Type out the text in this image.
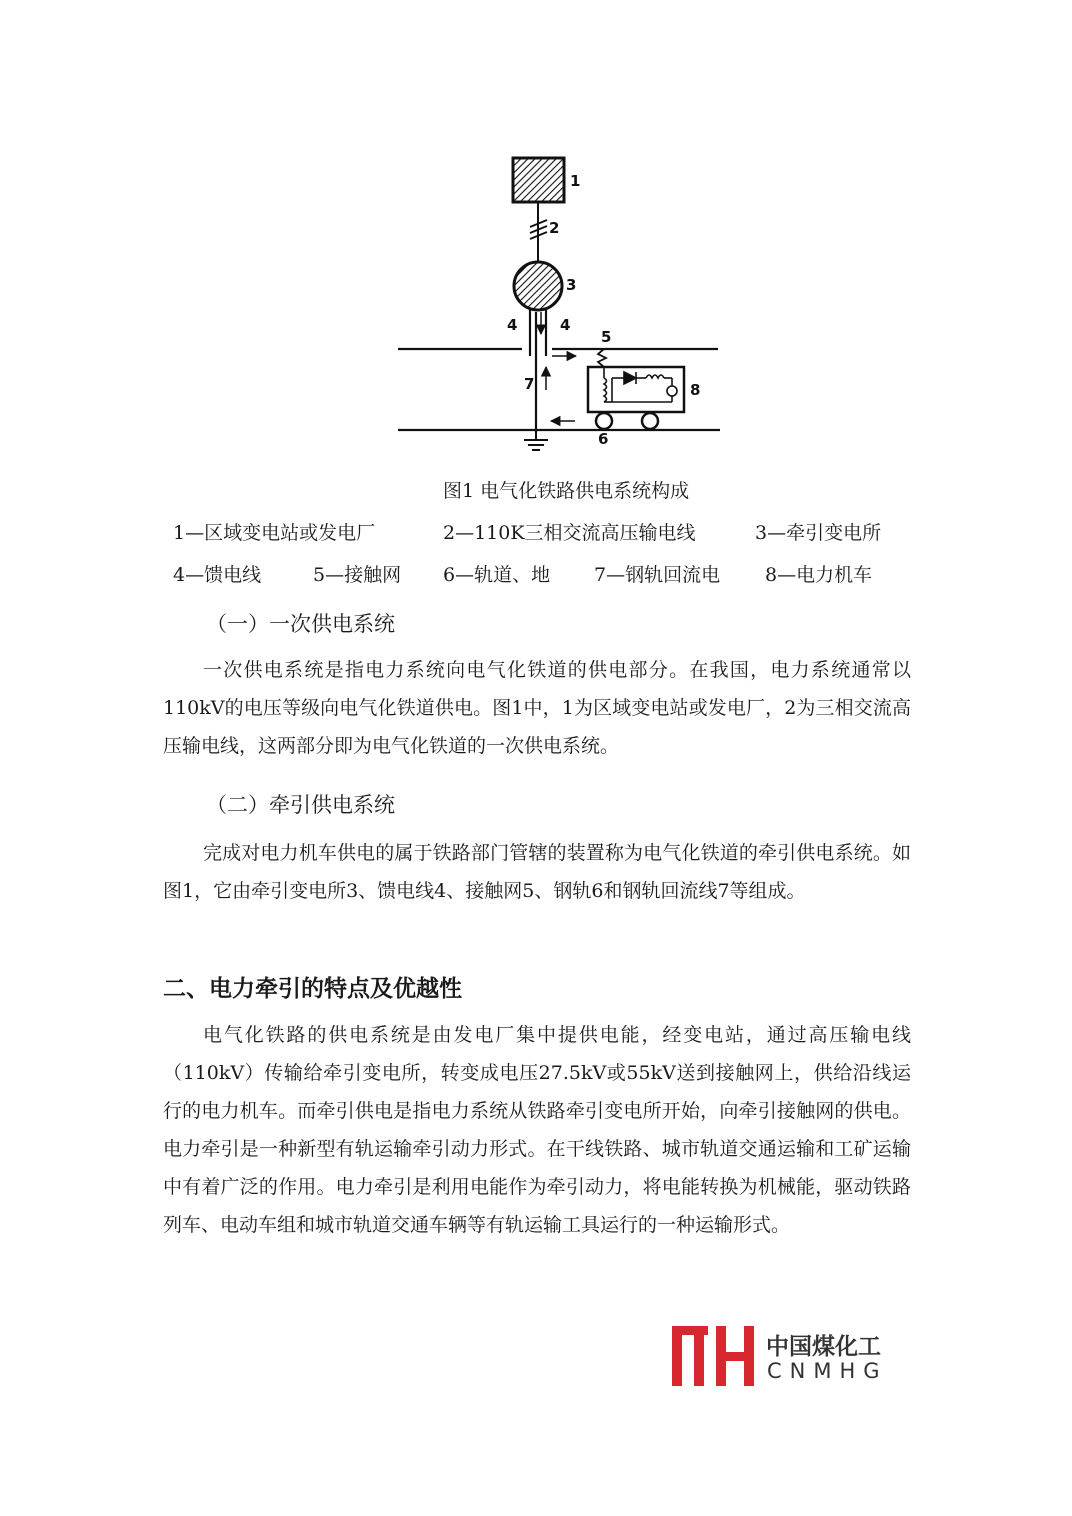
1
2
3
4	4
5
7	8
6
图1 电气化铁路供电系统构成
1—区域变电站或发电厂	2—110K三相交流高压输电线	3—牵引变电所
4—馈电线	5—接触网 6—轨道、地 7—钢轨回流电 8—电力机车
（一）一次供电系统
一次供电系统是指电力系统向电气化铁道的供电部分。在我国，电力系统通常以110kV的电压等级向电气化铁道供电。图1中，1为区域变电站或发电厂，2为三相交流高压输电线，这两部分即为电气化铁道的一次供电系统。
（二）牵引供电系统
完成对电力机车供电的属于铁路部门管辖的装置称为电气化铁道的牵引供电系统。如图1，它由牵引变电所3、馈电线4、接触网5、钢轨6和钢轨回流线7等组成。
二、电力牵引的特点及优越性
电气化铁路的供电系统是由发电厂集中提供电能，经变电站，通过高压输电线（110kV）传输给牵引变电所，转变成电压27.5kV或55kV送到接触网上，供给沿线运行的电力机车。而牵引供电是指电力系统从铁路牵引变电所开始，向牵引接触网的供电。电力牵引是一种新型有轨运输牵引动力形式。在干线铁路、城市轨道交通运输和工矿运输中有着广泛的作用。电力牵引是利用电能作为牵引动力，将电能转换为机械能，驱动铁路列车、电动车组和城市轨道交通车辆等有轨运输工具运行的一种运输形式。
中国煤化工
CNMHG
